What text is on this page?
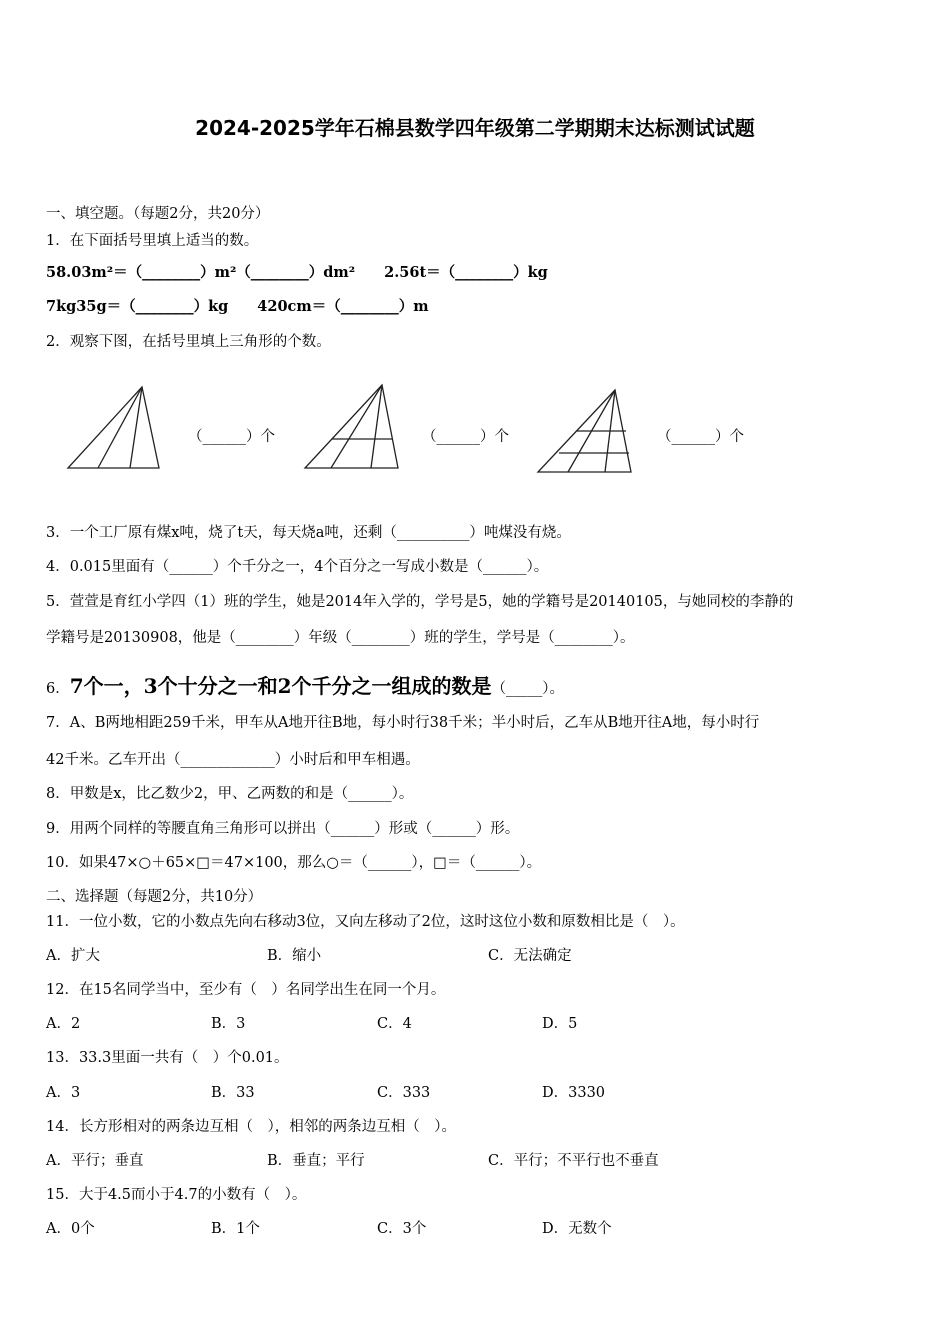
2024-2025学年石棉县数学四年级第二学期期末达标测试试题
一、填空题。（每题2分，共20分）
1．在下面括号里填上适当的数。
58.03m²＝（________）m²（________）dm²　　2.56t＝（________）kg
7kg35g＝（________）kg　　420cm＝（________）m
2．观察下图，在括号里填上三角形的个数。
（______）个	（______）个	（______）个
3．一个工厂原有煤x吨，烧了t天，每天烧a吨，还剩（__________）吨煤没有烧。
4．0.015里面有（______）个千分之一，4个百分之一写成小数是（______）。
5．萱萱是育红小学四（1）班的学生，她是2014年入学的，学号是5，她的学籍号是20140105，与她同校的李静的
学籍号是20130908，他是（________）年级（________）班的学生，学号是（________）。
6．7个一，3个十分之一和2个千分之一组成的数是（_____）。
7．A、B两地相距259千米，甲车从A地开往B地，每小时行38千米；半小时后，乙车从B地开往A地，每小时行
42千米。乙车开出（_____________）小时后和甲车相遇。
8．甲数是x，比乙数少2，甲、乙两数的和是（______）。
9．用两个同样的等腰直角三角形可以拼出（______）形或（______）形。
10．如果47×○＋65×□＝47×100，那么○＝（______），□＝（______）。
二、选择题（每题2分，共10分）
11．一位小数，它的小数点先向右移动3位，又向左移动了2位，这时这位小数和原数相比是（　）。
A．扩大	B．缩小	C．无法确定
12．在15名同学当中，至少有（　）名同学出生在同一个月。
A．2	B．3	C．4	D．5
13．33.3里面一共有（　）个0.01。
A．3	B．33	C．333	D．3330
14．长方形相对的两条边互相（　），相邻的两条边互相（　）。
A．平行；垂直	B．垂直；平行	C．平行；不平行也不垂直
15．大于4.5而小于4.7的小数有（　）。
A．0个	B．1个	C．3个	D．无数个
